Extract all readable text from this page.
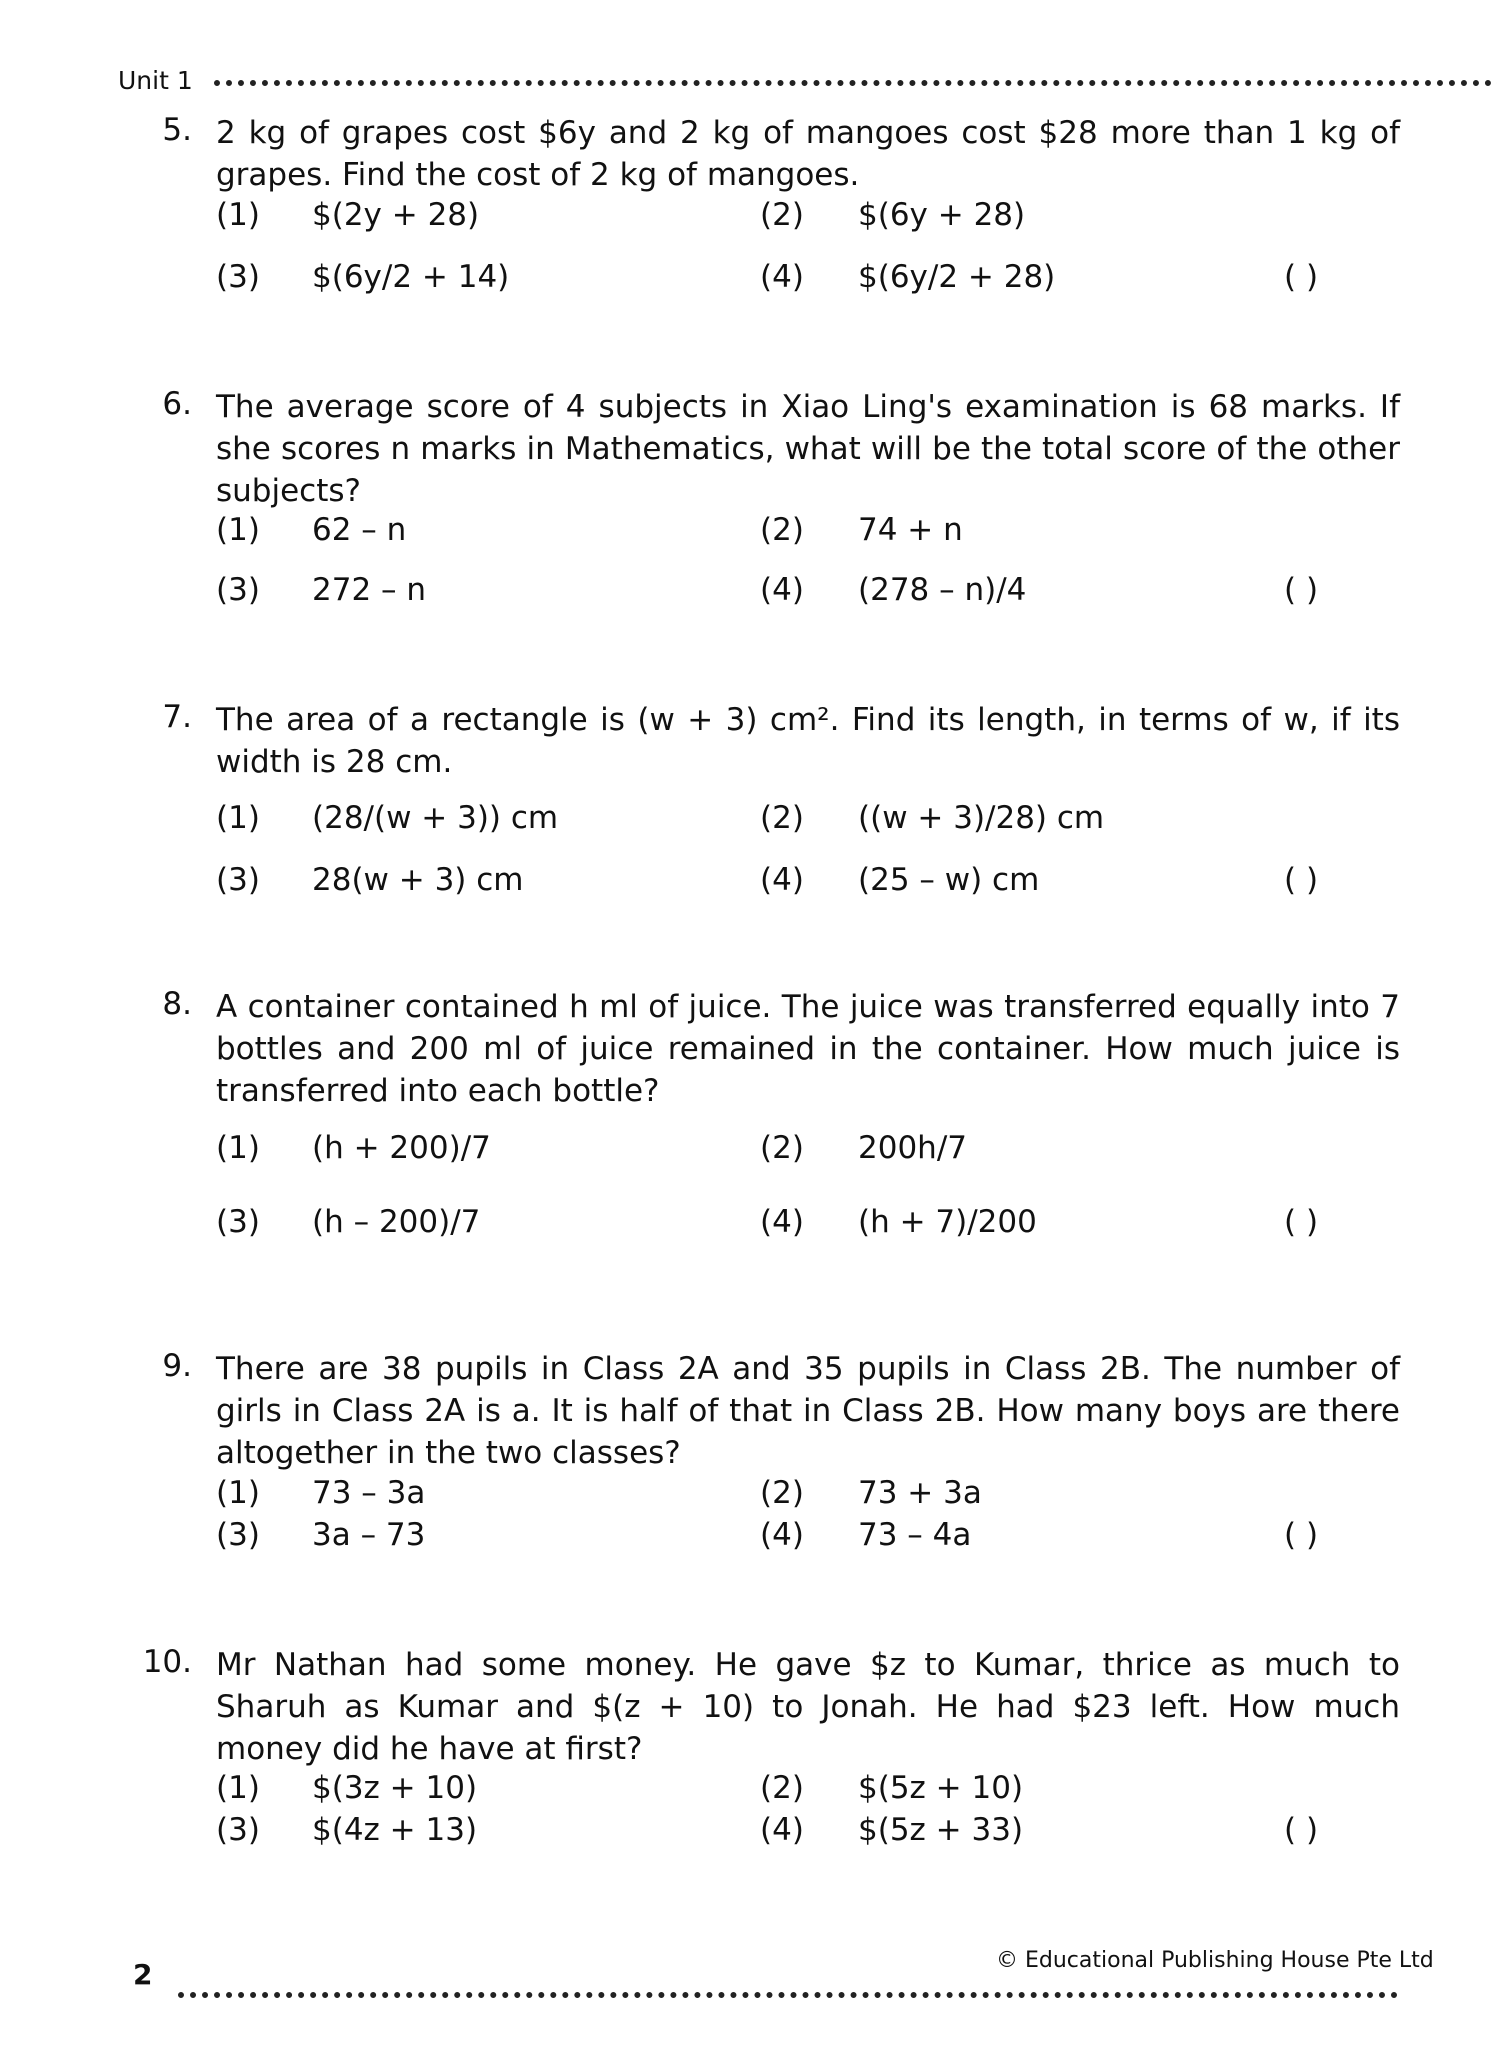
Unit 1
5. 2 kg of grapes cost $6y and 2 kg of mangoes cost $28 more than 1 kg of grapes. Find the cost of 2 kg of mangoes.
(1) $(2y + 28)	(2) $(6y + 28)
(3) $(6y/2 + 14)	(4) $(6y/2 + 28)	( )
6. The average score of 4 subjects in Xiao Ling's examination is 68 marks. If she scores n marks in Mathematics, what will be the total score of the other subjects?
(1) 62 – n	(2) 74 + n
(3) 272 – n	(4) (278 – n)/4	( )
7. The area of a rectangle is (w + 3) cm². Find its length, in terms of w, if its width is 28 cm.
(1) (28/(w + 3)) cm	(2) ((w + 3)/28) cm
(3) 28(w + 3) cm	(4) (25 – w) cm	( )
8. A container contained h ml of juice. The juice was transferred equally into 7 bottles and 200 ml of juice remained in the container. How much juice is transferred into each bottle?
(1) (h + 200)/7	(2) 200h/7
(3) (h – 200)/7	(4) (h + 7)/200	( )
9. There are 38 pupils in Class 2A and 35 pupils in Class 2B. The number of girls in Class 2A is a. It is half of that in Class 2B. How many boys are there altogether in the two classes?
(1) 73 – 3a	(2) 73 + 3a
(3) 3a – 73	(4) 73 – 4a	( )
10. Mr Nathan had some money. He gave $z to Kumar, thrice as much to Sharuh as Kumar and $(z + 10) to Jonah. He had $23 left. How much money did he have at first?
(1) $(3z + 10)	(2) $(5z + 10)
(3) $(4z + 13)	(4) $(5z + 33)	( )
2	© Educational Publishing House Pte Ltd
